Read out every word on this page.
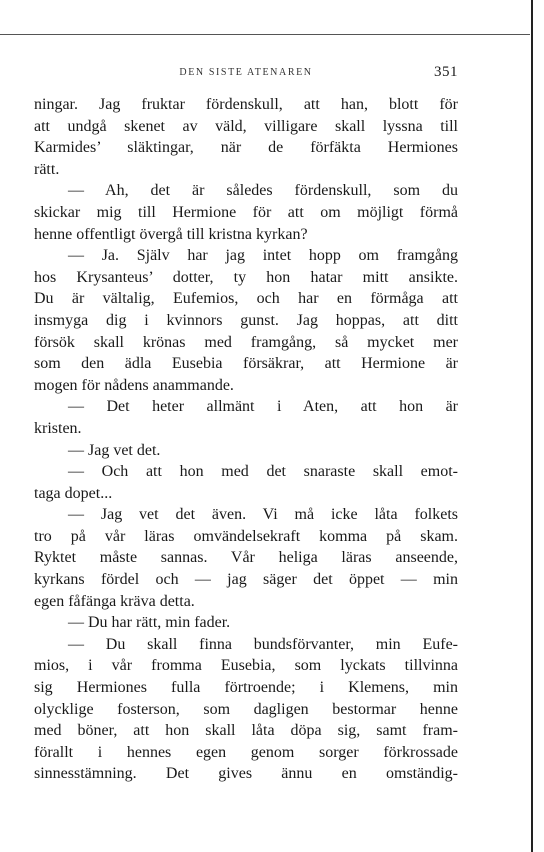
DEN SISTE ATENAREN	351
ningar. Jag fruktar fördenskull, att han, blott för
att undgå skenet av väld, villigare skall lyssna till
Karmides’ släktingar, när de förfäkta Hermiones
rätt.
— Ah, det är således fördenskull, som du
skickar mig till Hermione för att om möjligt förmå
henne offentligt övergå till kristna kyrkan?
— Ja. Själv har jag intet hopp om framgång
hos Krysanteus’ dotter, ty hon hatar mitt ansikte.
Du är vältalig, Eufemios, och har en förmåga att
insmyga dig i kvinnors gunst. Jag hoppas, att ditt
försök skall krönas med framgång, så mycket mer
som den ädla Eusebia försäkrar, att Hermione är
mogen för nådens anammande.
— Det heter allmänt i Aten, att hon är
kristen.
— Jag vet det.
— Och att hon med det snaraste skall emot-
taga dopet...
— Jag vet det även. Vi må icke låta folkets
tro på vår läras omvändelsekraft komma på skam.
Ryktet måste sannas. Vår heliga läras anseende,
kyrkans fördel och — jag säger det öppet — min
egen fåfänga kräva detta.
— Du har rätt, min fader.
— Du skall finna bundsförvanter, min Eufe-
mios, i vår fromma Eusebia, som lyckats tillvinna
sig Hermiones fulla förtroende; i Klemens, min
olycklige fosterson, som dagligen bestormar henne
med böner, att hon skall låta döpa sig, samt fram-
förallt i hennes egen genom sorger förkrossade
sinnesstämning. Det gives ännu en omständig-
